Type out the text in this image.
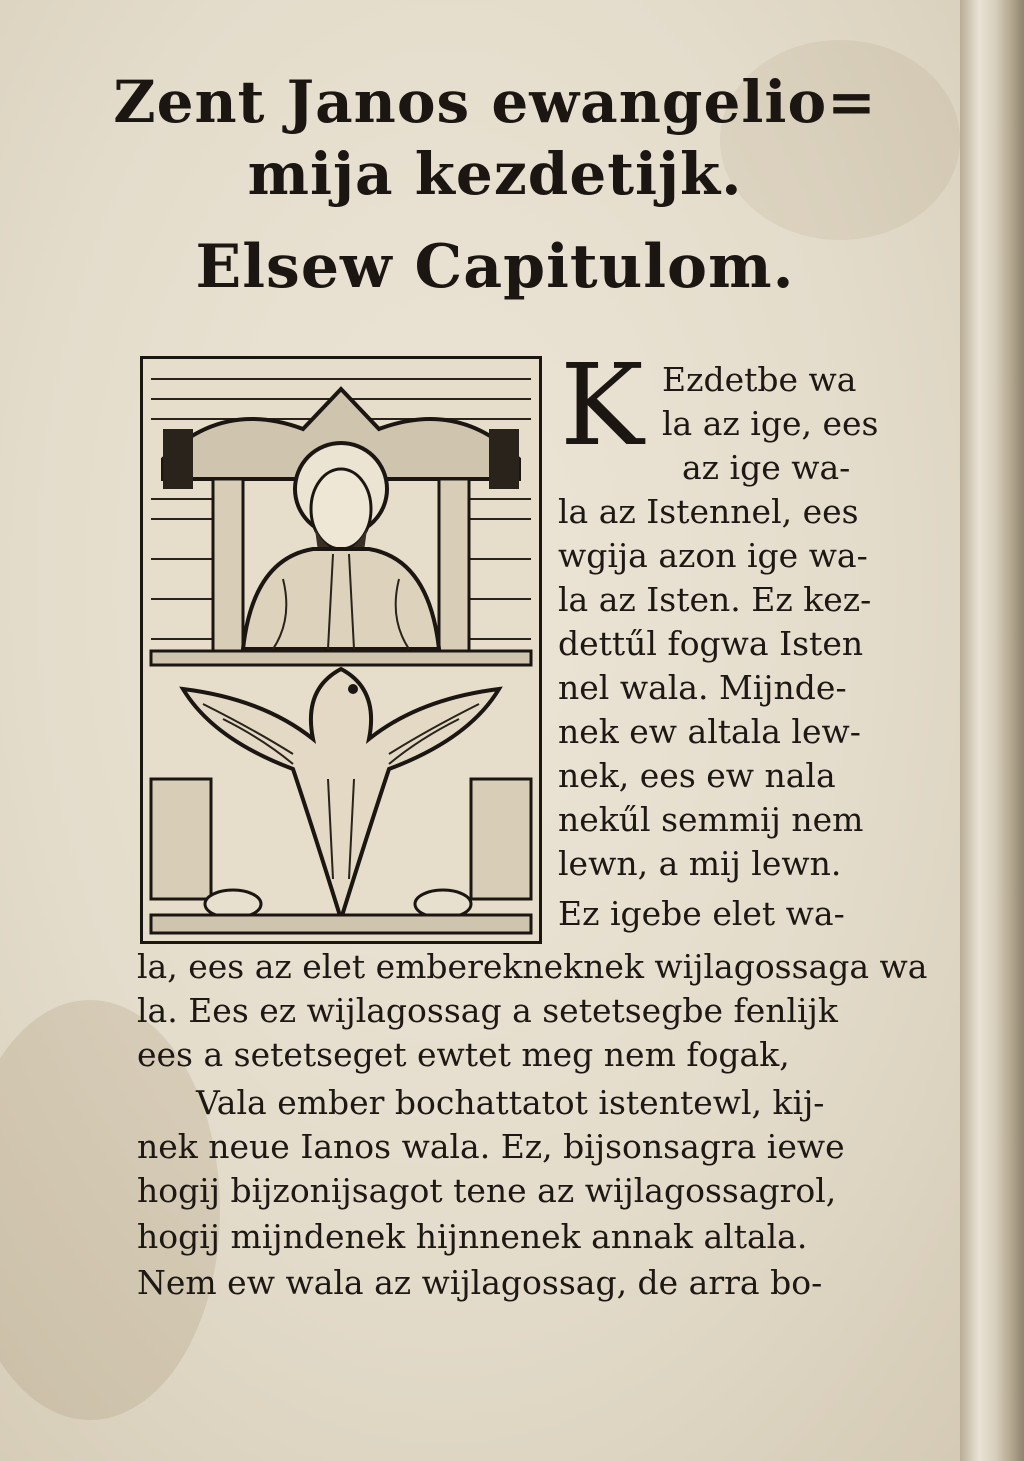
Zent Janos ewangelio=
mija kezdetijk.
Elsew Capitulom.
K Ezdetbe wa
la az ige, ees
az ige wa-
la az Istennel, ees
wgija azon ige wa-
la az Isten. Ez kez-
dettűl fogwa Isten
nel wala. Mijnde-
nek ew altala lew-
nek, ees ew nala
nekűl semmij nem
lewn, a mij lewn.
Ez igebe elet wa-
la, ees az elet emberekneknek wijlagossaga wa
la. Ees ez wijlagossag a setetsegbe fenlijk
ees a setetseget ewtet meg nem fogak,
Vala ember bochattatot istentewl, kij-
nek neue Ianos wala. Ez, bijsonsagra iewe
hogij bijzonijsagot tene az wijlagossagrol,
hogij mijndenek hijnnenek annak altala.
Nem ew wala az wijlagossag, de arra bo-
